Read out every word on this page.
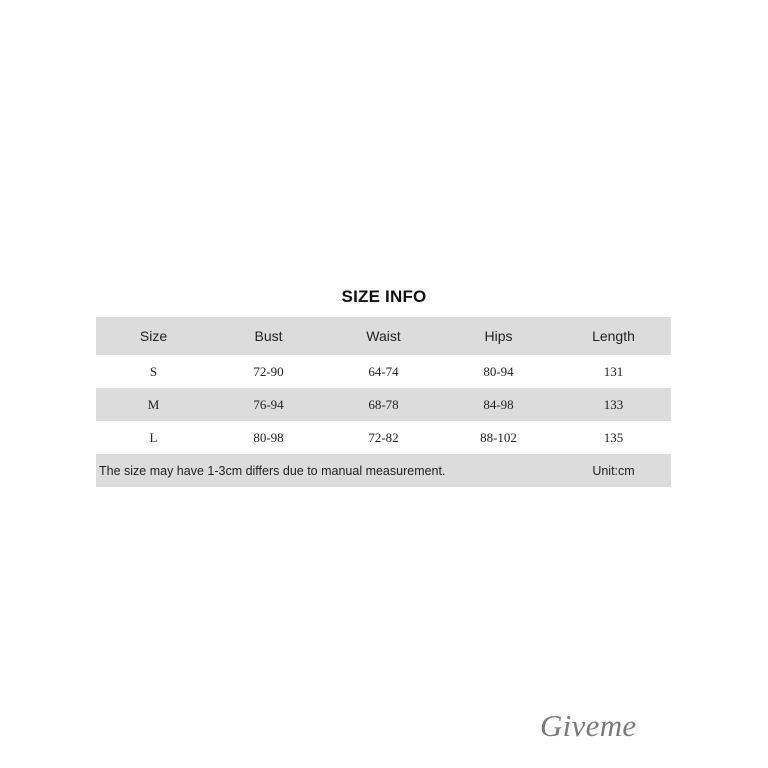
SIZE INFO
Size	Bust	Waist	Hips	Length
S	72-90	64-74	80-94	131
M	76-94	68-78	84-98	133
L	80-98	72-82	88-102	135
The size may have 1-3cm differs due to manual measurement.	Unit:cm
Giveme
